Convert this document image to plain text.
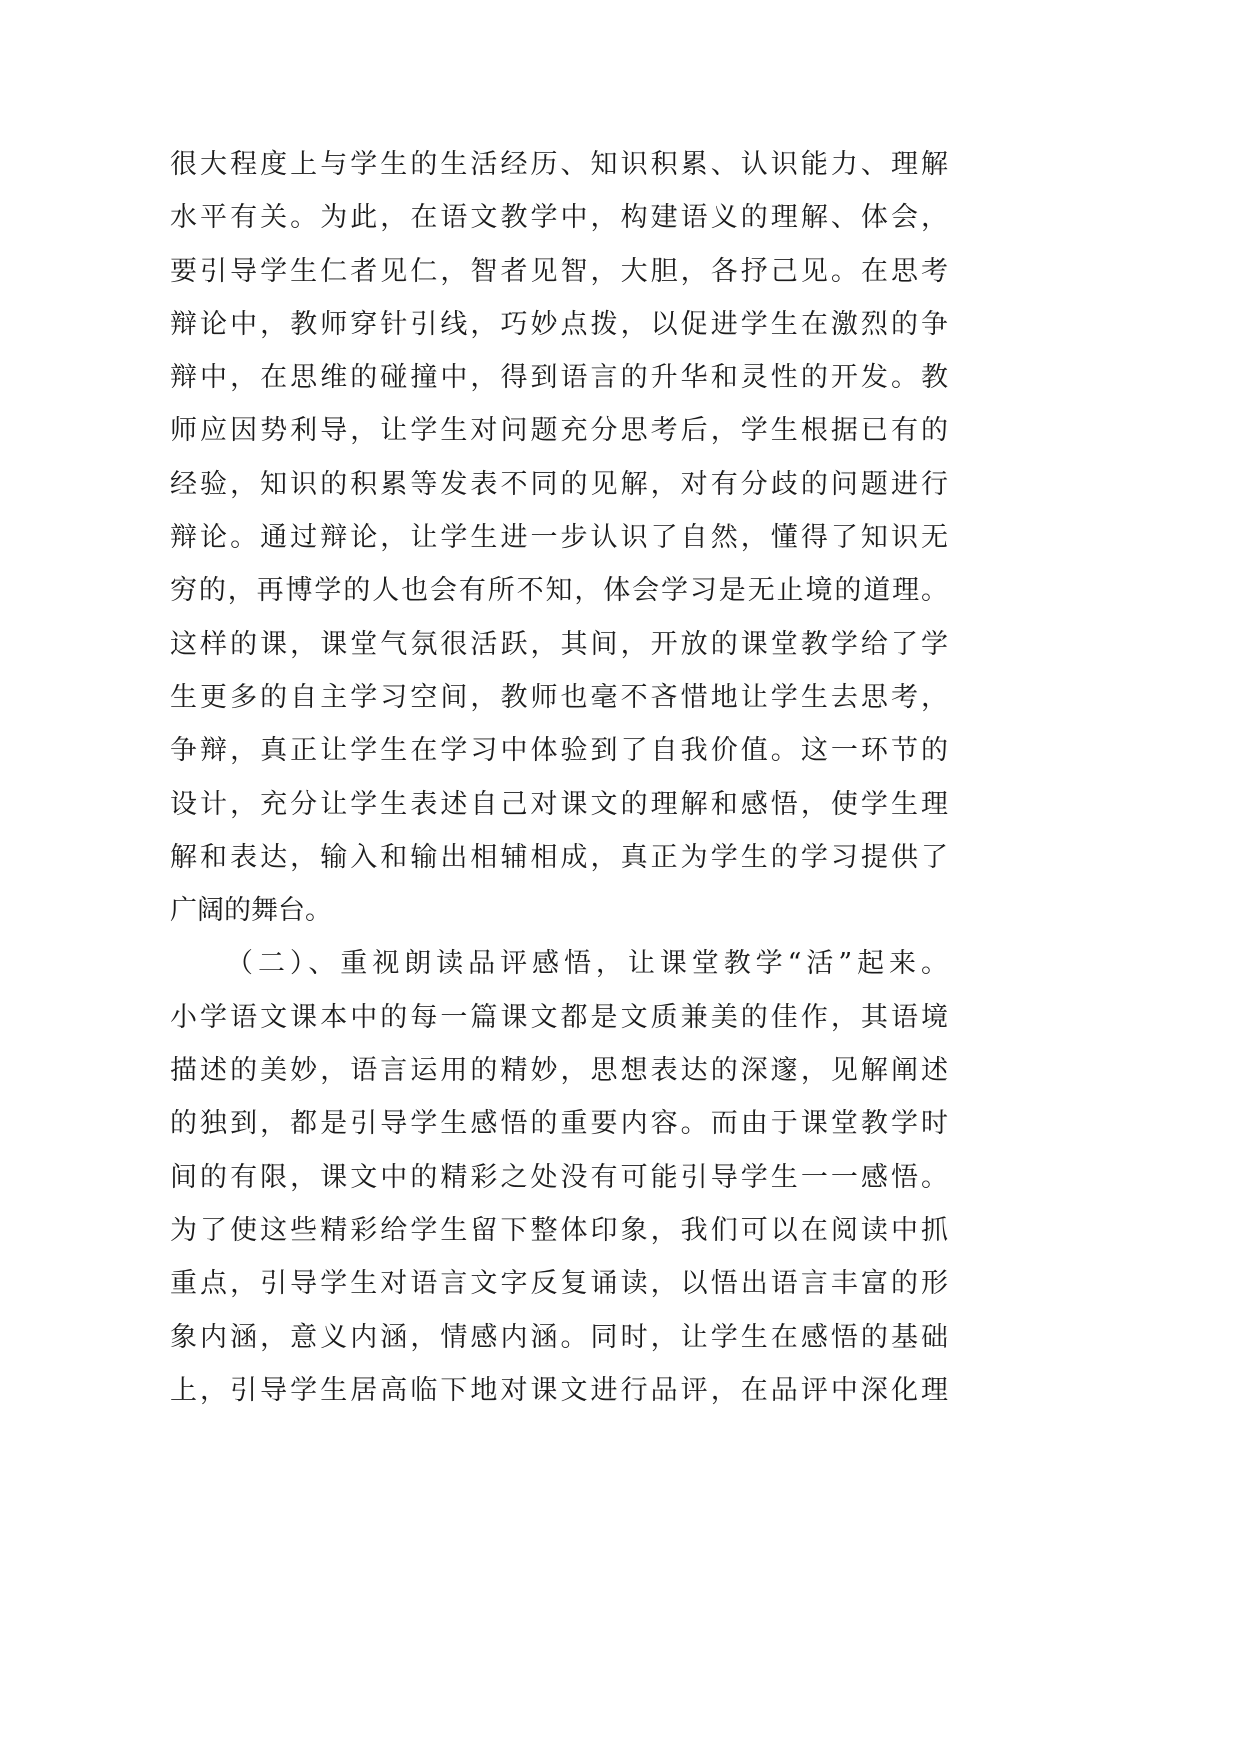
很大程度上与学生的生活经历、知识积累、认识能力、理解
水平有关。为此，在语文教学中，构建语义的理解、体会，
要引导学生仁者见仁，智者见智，大胆，各抒己见。在思考
辩论中，教师穿针引线，巧妙点拨，以促进学生在激烈的争
辩中，在思维的碰撞中，得到语言的升华和灵性的开发。教
师应因势利导，让学生对问题充分思考后，学生根据已有的
经验，知识的积累等发表不同的见解，对有分歧的问题进行
辩论。通过辩论，让学生进一步认识了自然，懂得了知识无
穷的，再博学的人也会有所不知，体会学习是无止境的道理。
这样的课，课堂气氛很活跃，其间，开放的课堂教学给了学
生更多的自主学习空间，教师也毫不吝惜地让学生去思考，
争辩，真正让学生在学习中体验到了自我价值。这一环节的
设计，充分让学生表述自己对课文的理解和感悟，使学生理
解和表达，输入和输出相辅相成，真正为学生的学习提供了
广阔的舞台。
（二）、重视朗读品评感悟，让课堂教学“活”起来。
小学语文课本中的每一篇课文都是文质兼美的佳作，其语境
描述的美妙，语言运用的精妙，思想表达的深邃，见解阐述
的独到，都是引导学生感悟的重要内容。而由于课堂教学时
间的有限，课文中的精彩之处没有可能引导学生一一感悟。
为了使这些精彩给学生留下整体印象，我们可以在阅读中抓
重点，引导学生对语言文字反复诵读，以悟出语言丰富的形
象内涵，意义内涵，情感内涵。同时，让学生在感悟的基础
上，引导学生居高临下地对课文进行品评，在品评中深化理
